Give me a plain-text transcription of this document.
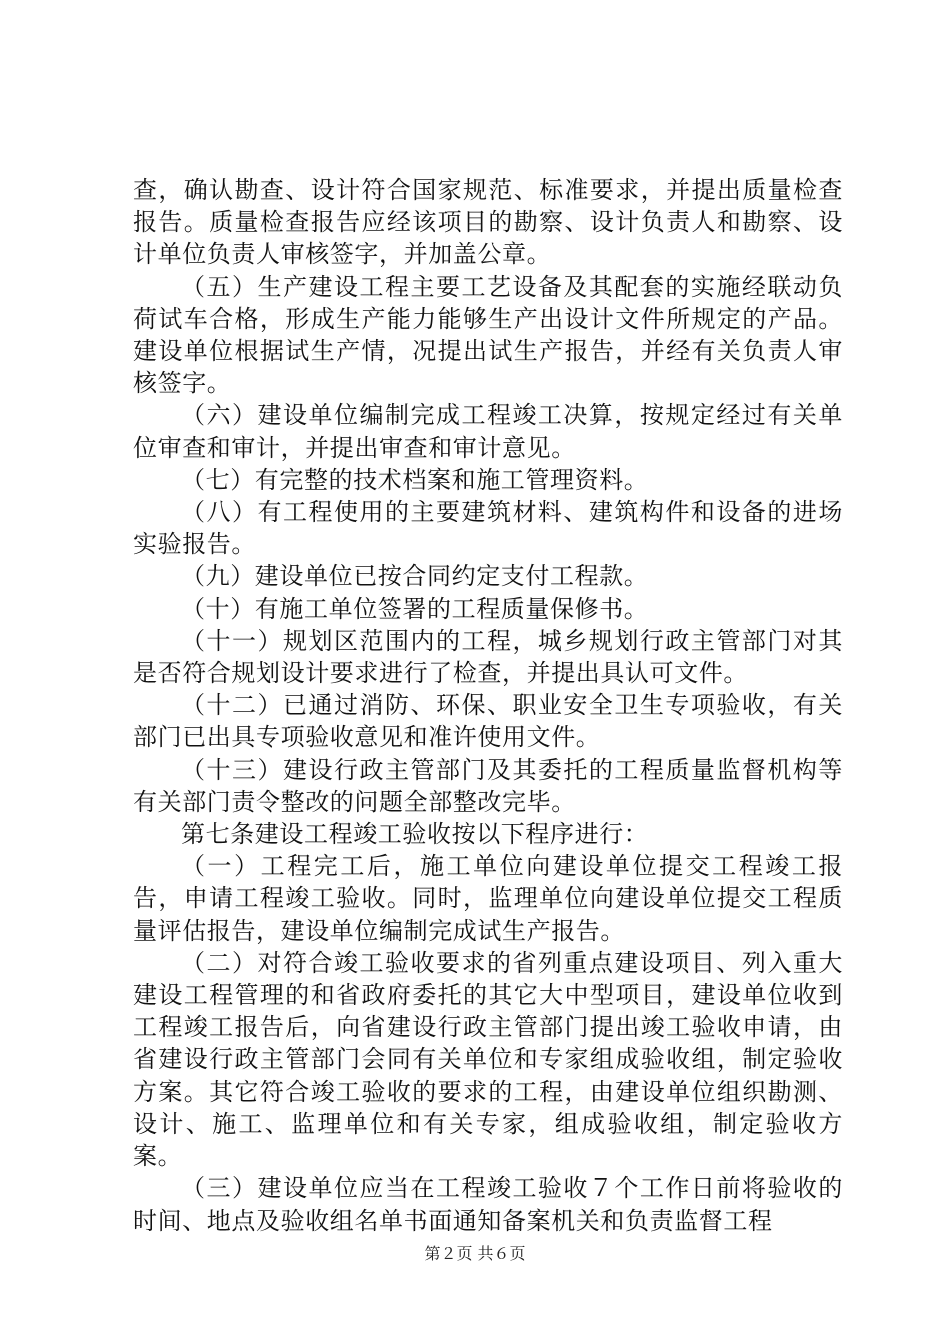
查，确认勘查、设计符合国家规范、标准要求，并提出质量检查报告。质量检查报告应经该项目的勘察、设计负责人和勘察、设计单位负责人审核签字，并加盖公章。

（五）生产建设工程主要工艺设备及其配套的实施经联动负荷试车合格，形成生产能力能够生产出设计文件所规定的产品。建设单位根据试生产情，况提出试生产报告，并经有关负责人审核签字。

（六）建设单位编制完成工程竣工决算，按规定经过有关单位审查和审计，并提出审查和审计意见。

（七）有完整的技术档案和施工管理资料。

（八）有工程使用的主要建筑材料、建筑构件和设备的进场实验报告。

（九）建设单位已按合同约定支付工程款。

（十）有施工单位签署的工程质量保修书。

（十一）规划区范围内的工程，城乡规划行政主管部门对其是否符合规划设计要求进行了检查，并提出具认可文件。

（十二）已通过消防、环保、职业安全卫生专项验收，有关部门已出具专项验收意见和准许使用文件。

（十三）建设行政主管部门及其委托的工程质量监督机构等有关部门责令整改的问题全部整改完毕。

第七条建设工程竣工验收按以下程序进行：

（一）工程完工后，施工单位向建设单位提交工程竣工报告，申请工程竣工验收。同时，监理单位向建设单位提交工程质量评估报告，建设单位编制完成试生产报告。

（二）对符合竣工验收要求的省列重点建设项目、列入重大建设工程管理的和省政府委托的其它大中型项目，建设单位收到工程竣工报告后，向省建设行政主管部门提出竣工验收申请，由省建设行政主管部门会同有关单位和专家组成验收组，制定验收方案。其它符合竣工验收的要求的工程，由建设单位组织勘测、设计、施工、监理单位和有关专家，组成验收组，制定验收方案。

（三）建设单位应当在工程竣工验收７个工作日前将验收的时间、地点及验收组名单书面通知备案机关和负责监督工程

第２页 共６页
